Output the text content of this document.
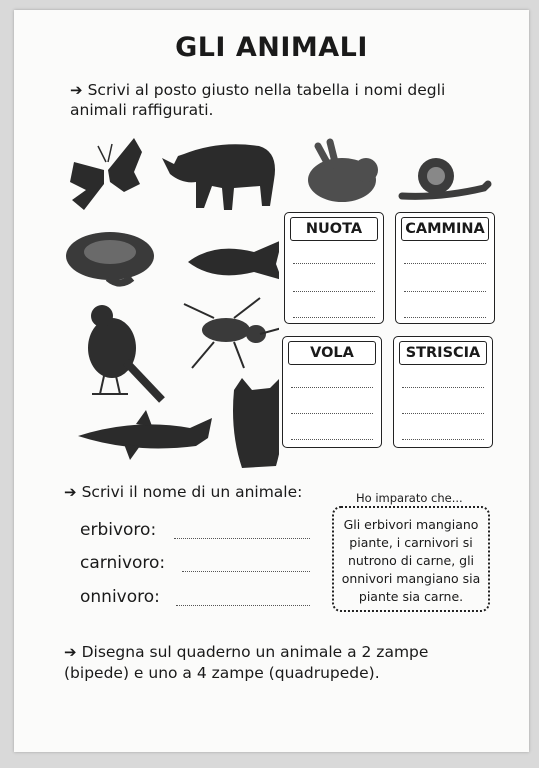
GLI ANIMALI
➔ Scrivi al posto giusto nella tabella i nomi degli animali raffigurati.
NUOTA	CAMMINA
VOLA	STRISCIA
➔ Scrivi il nome di un animale:
erbivoro:
carnivoro:
onnivoro:
Ho imparato che...
Gli erbivori mangiano piante, i carnivori si nutrono di carne, gli onnivori mangiano sia piante sia carne.
➔ Disegna sul quaderno un animale a 2 zampe (bipede) e uno a 4 zampe (quadrupede).
